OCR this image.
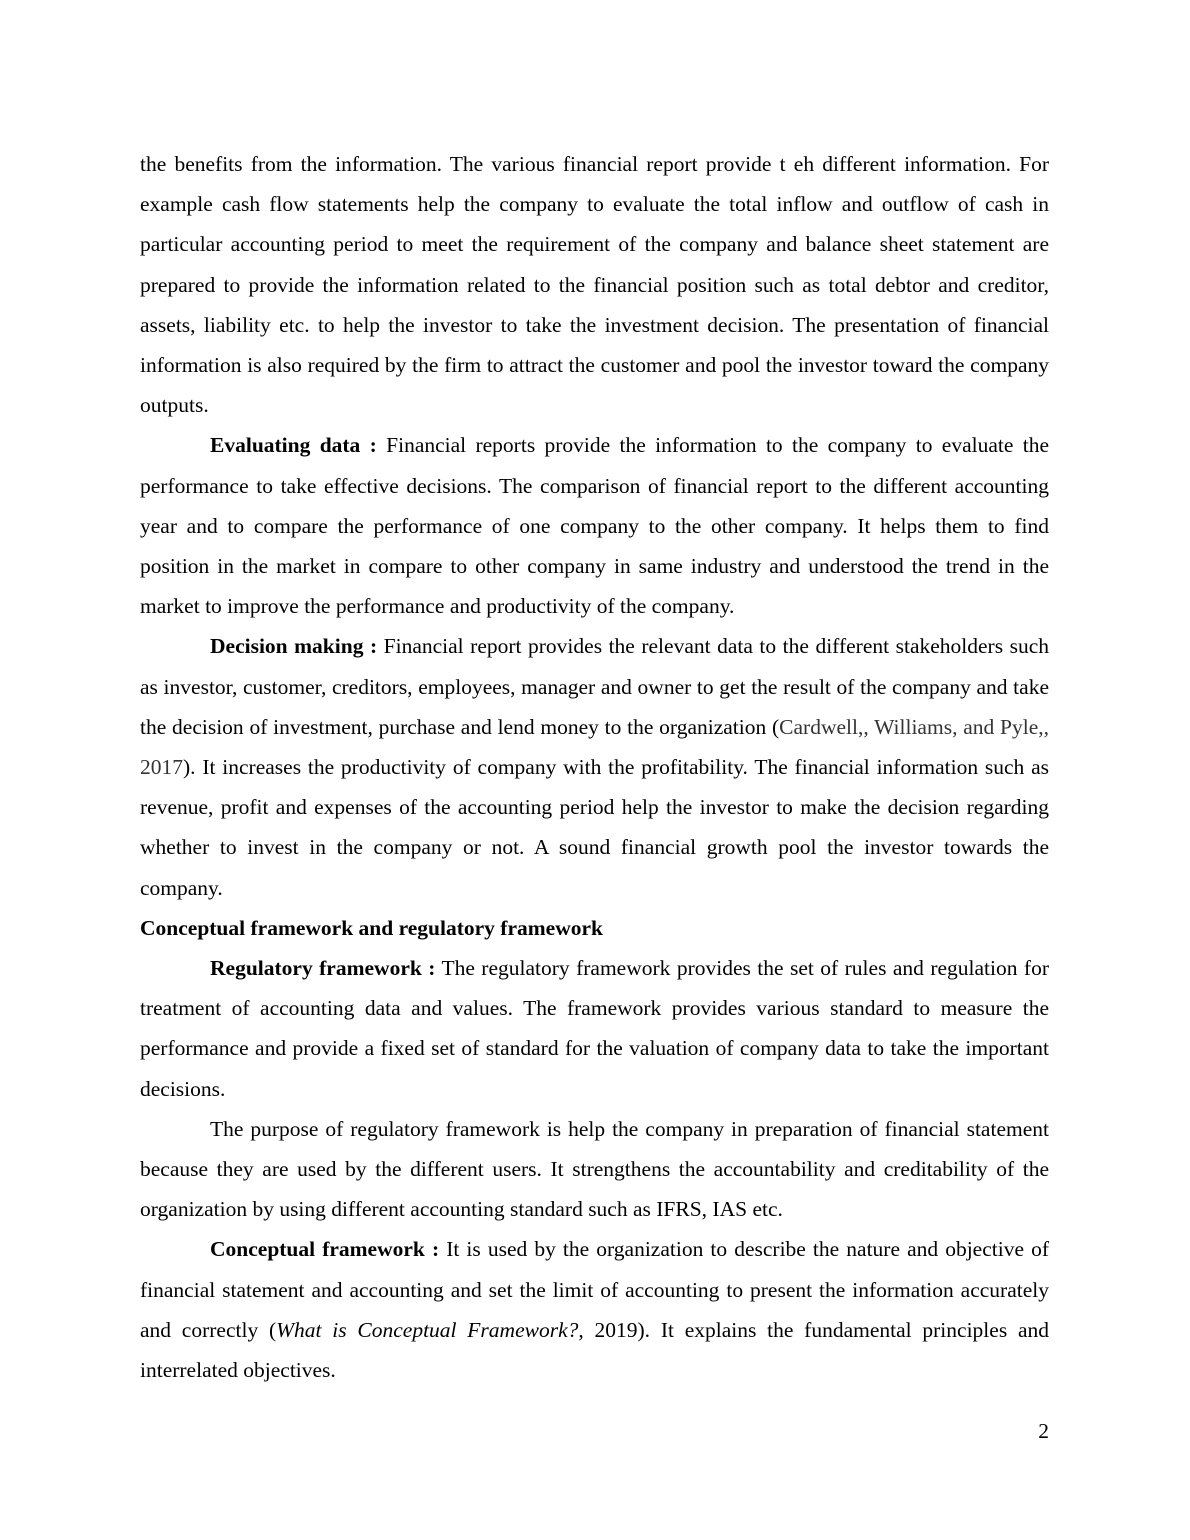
the benefits from the information. The various financial report provide t eh different information. For example cash flow statements help the company to evaluate the total inflow and outflow of cash in particular accounting period to meet the requirement of the company and balance sheet statement are prepared to provide the information related to the financial position such as total debtor and creditor, assets, liability etc. to help the investor to take the investment decision. The presentation of financial information is also required by the firm to attract the customer and pool the investor toward the company outputs.

Evaluating data : Financial reports provide the information to the company to evaluate the performance to take effective decisions. The comparison of financial report to the different accounting year and to compare the performance of one company to the other company. It helps them to find position in the market in compare to other company in same industry and understood the trend in the market to improve the performance and productivity of the company.

Decision making : Financial report provides the relevant data to the different stakeholders such as investor, customer, creditors, employees, manager and owner to get the result of the company and take the decision of investment, purchase and lend money to the organization (Cardwell,, Williams, and Pyle,, 2017). It increases the productivity of company with the profitability. The financial information such as revenue, profit and expenses of the accounting period help the investor to make the decision regarding whether to invest in the company or not. A sound financial growth pool the investor towards the company.

Conceptual framework and regulatory framework

Regulatory framework : The regulatory framework provides the set of rules and regulation for treatment of accounting data and values. The framework provides various standard to measure the performance and provide a fixed set of standard for the valuation of company data to take the important decisions.

The purpose of regulatory framework is help the company in preparation of financial statement because they are used by the different users. It strengthens the accountability and creditability of the organization by using different accounting standard such as IFRS, IAS etc.

Conceptual framework : It is used by the organization to describe the nature and objective of financial statement and accounting and set the limit of accounting to present the information accurately and correctly (What is Conceptual Framework?, 2019). It explains the fundamental principles and interrelated objectives.

2
